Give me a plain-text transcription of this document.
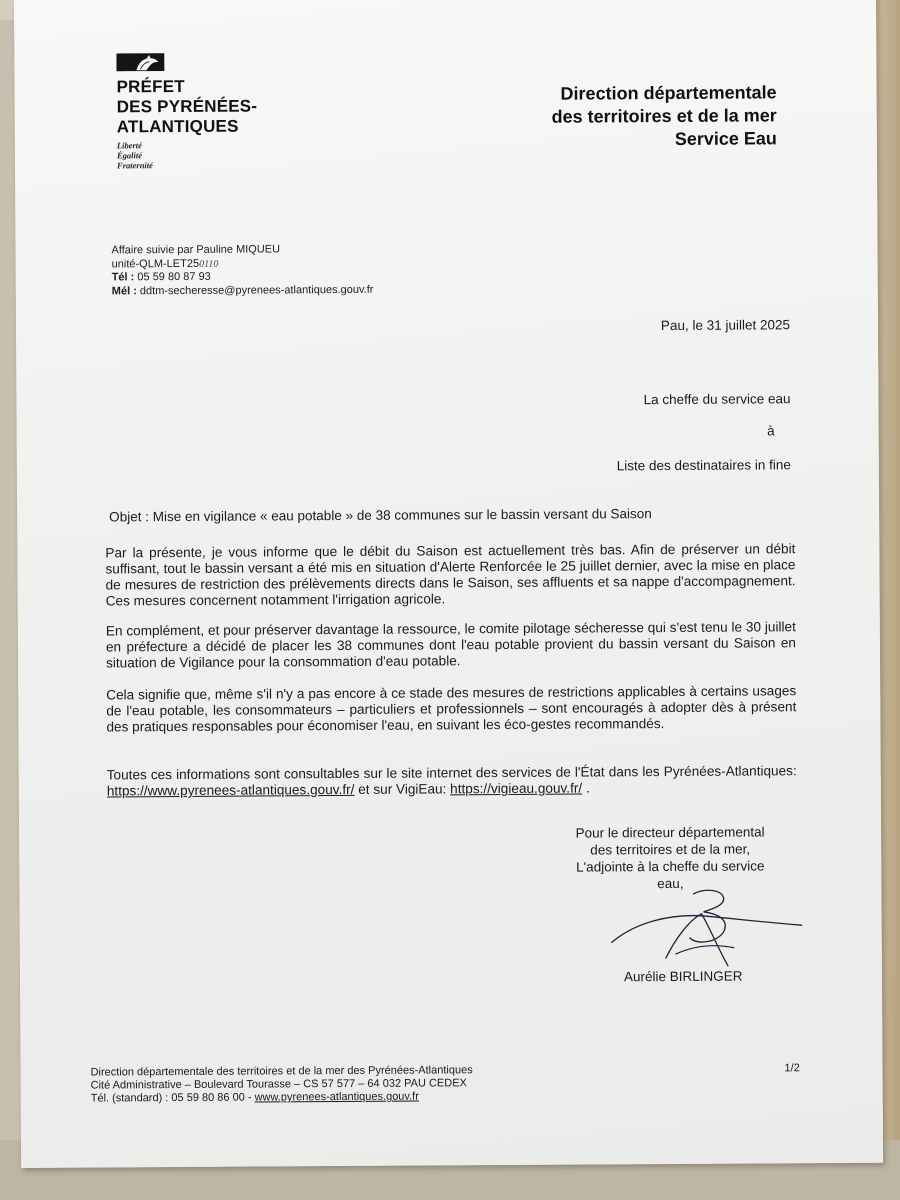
PRÉFET
DES PYRÉNÉES-
ATLANTIQUES
Liberté
Égalité
Fraternité
Direction départementale
des territoires et de la mer
Service Eau
Affaire suivie par Pauline MIQUEU
unité-QLM-LET250110
Tél : 05 59 80 87 93
Mél : ddtm-secheresse@pyrenees-atlantiques.gouv.fr
Pau, le 31 juillet 2025
La cheffe du service eau
à
Liste des destinataires in fine
Objet : Mise en vigilance « eau potable » de 38 communes sur le bassin versant du Saison
Par la présente, je vous informe que le débit du Saison est actuellement très bas. Afin de préserver un débit suffisant, tout le bassin versant a été mis en situation d'Alerte Renforcée le 25 juillet dernier, avec la mise en place de mesures de restriction des prélèvements directs dans le Saison, ses affluents et sa nappe d'accompagnement. Ces mesures concernent notamment l'irrigation agricole.
En complément, et pour préserver davantage la ressource, le comite pilotage sécheresse qui s'est tenu le 30 juillet en préfecture a décidé de placer les 38 communes dont l'eau potable provient du bassin versant du Saison en situation de Vigilance pour la consommation d'eau potable.
Cela signifie que, même s'il n'y a pas encore à ce stade des mesures de restrictions applicables à certains usages de l'eau potable, les consommateurs – particuliers et professionnels – sont encouragés à adopter dès à présent des pratiques responsables pour économiser l'eau, en suivant les éco-gestes recommandés.
Toutes ces informations sont consultables sur le site internet des services de l'État dans les Pyrénées-Atlantiques: https://www.pyrenees-atlantiques.gouv.fr/ et sur VigiEau: https://vigieau.gouv.fr/ .
Pour le directeur départemental
des territoires et de la mer,
L'adjointe à la cheffe du service
eau,
Aurélie BIRLINGER
Direction départementale des territoires et de la mer des Pyrénées-Atlantiques
Cité Administrative – Boulevard Tourasse – CS 57 577 – 64 032 PAU CEDEX
Tél. (standard) : 05 59 80 86 00 - www.pyrenees-atlantiques.gouv.fr
1/2
